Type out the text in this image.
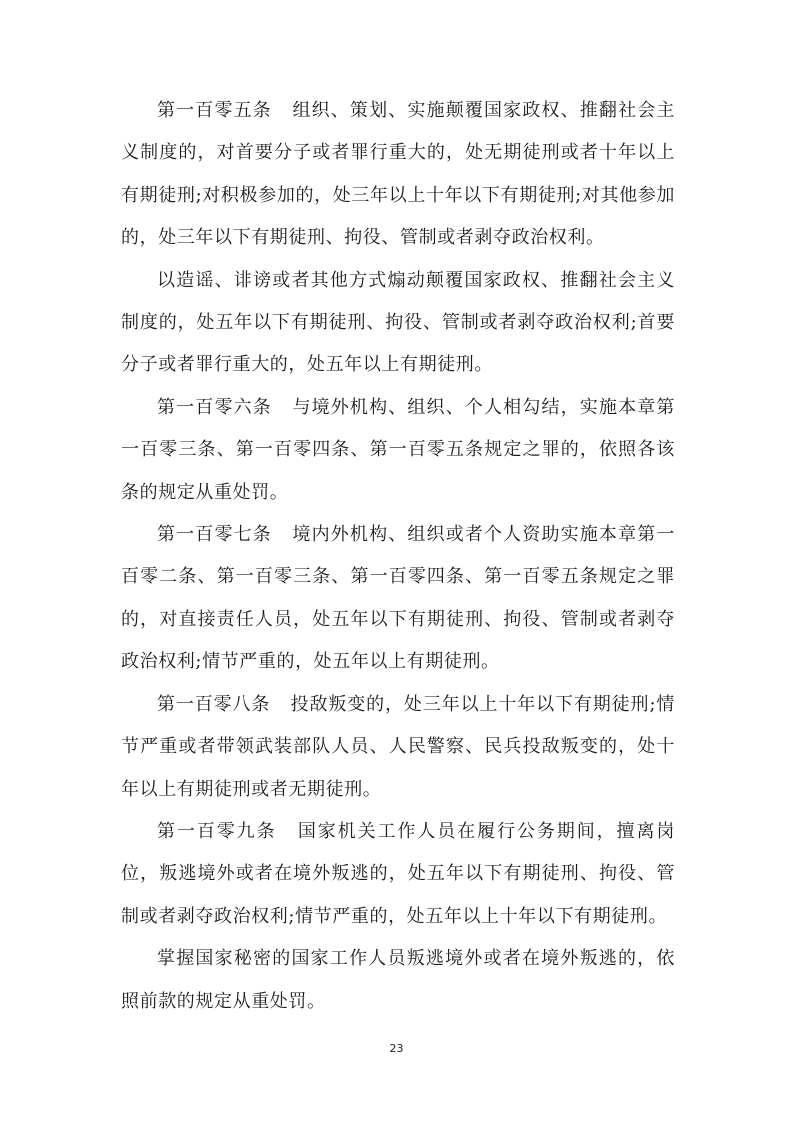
第一百零五条 组织、策划、实施颠覆国家政权、推翻社会主义制度的，对首要分子或者罪行重大的，处无期徒刑或者十年以上有期徒刑;对积极参加的，处三年以上十年以下有期徒刑;对其他参加的，处三年以下有期徒刑、拘役、管制或者剥夺政治权利。

以造谣、诽谤或者其他方式煽动颠覆国家政权、推翻社会主义制度的，处五年以下有期徒刑、拘役、管制或者剥夺政治权利;首要分子或者罪行重大的，处五年以上有期徒刑。

第一百零六条 与境外机构、组织、个人相勾结，实施本章第一百零三条、第一百零四条、第一百零五条规定之罪的，依照各该条的规定从重处罚。

第一百零七条 境内外机构、组织或者个人资助实施本章第一百零二条、第一百零三条、第一百零四条、第一百零五条规定之罪的，对直接责任人员，处五年以下有期徒刑、拘役、管制或者剥夺政治权利;情节严重的，处五年以上有期徒刑。

第一百零八条 投敌叛变的，处三年以上十年以下有期徒刑;情节严重或者带领武装部队人员、人民警察、民兵投敌叛变的，处十年以上有期徒刑或者无期徒刑。

第一百零九条 国家机关工作人员在履行公务期间，擅离岗位，叛逃境外或者在境外叛逃的，处五年以下有期徒刑、拘役、管制或者剥夺政治权利;情节严重的，处五年以上十年以下有期徒刑。

掌握国家秘密的国家工作人员叛逃境外或者在境外叛逃的，依照前款的规定从重处罚。

23
